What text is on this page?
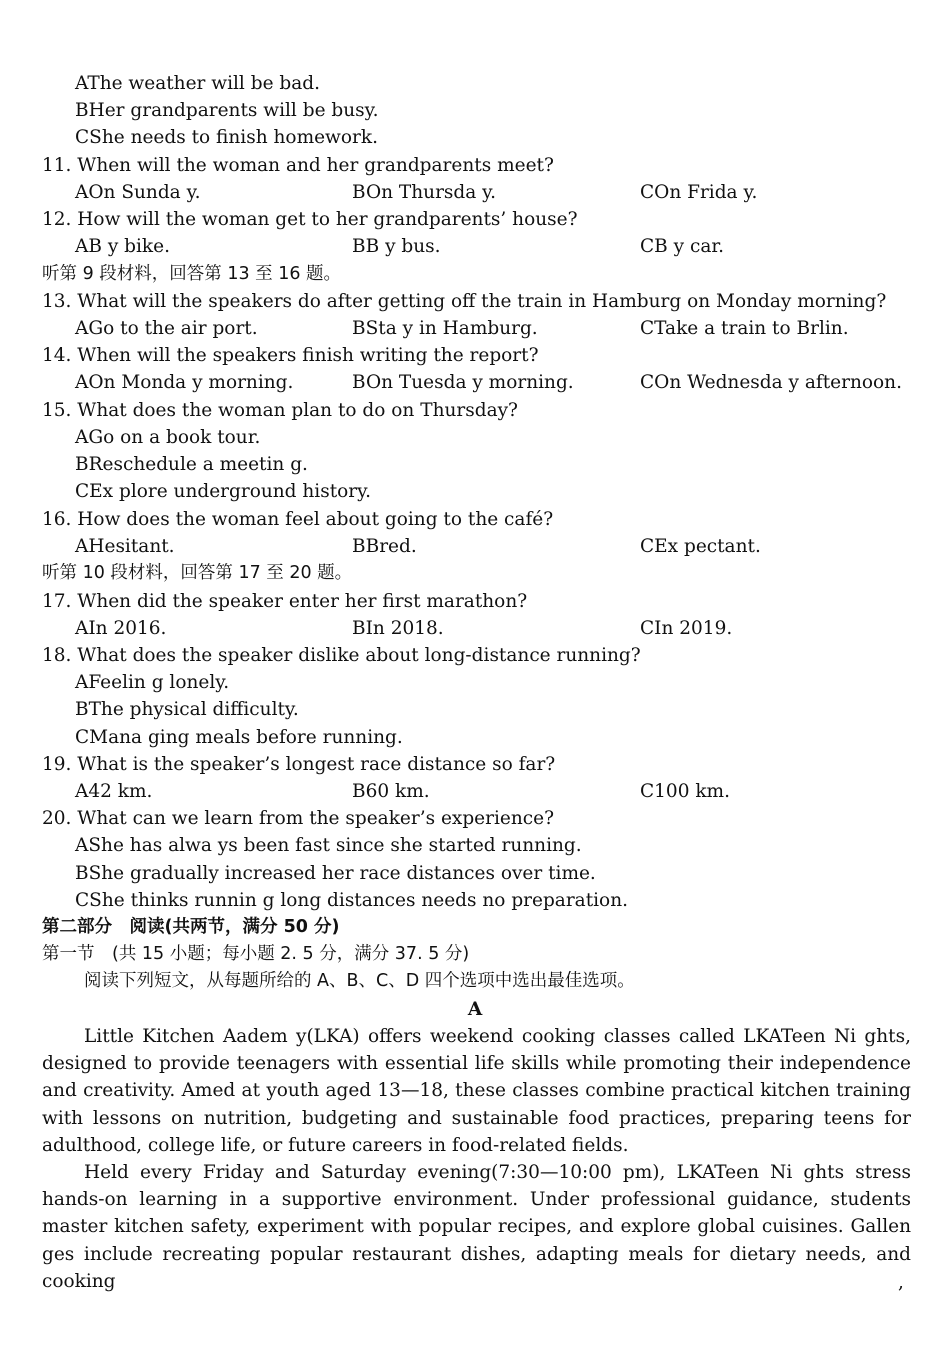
AThe weather will be bad.
BHer grandparents will be busy.
CShe needs to finish homework.
11. When will the woman and her grandparents meet?
AOn Sunda y.	BOn Thursda y.	COn Frida y.
12. How will the woman get to her grandparents’ house?
AB y bike.	BB y bus.	CB y car.
听第 9 段材料，回答第 13 至 16 题。
13. What will the speakers do after getting off the train in Hamburg on Monday morning?
AGo to the air port.	BSta y in Hamburg.	CTake a train to Brlin.
14. When will the speakers finish writing the report?
AOn Monda y morning.	BOn Tuesda y morning.	COn Wednesda y afternoon.
15. What does the woman plan to do on Thursday?
AGo on a book tour.
BReschedule a meetin g.
CEx plore underground history.
16. How does the woman feel about going to the café?
AHesitant.	BBred.	CEx pectant.
听第 10 段材料，回答第 17 至 20 题。
17. When did the speaker enter her first marathon?
AIn 2016.	BIn 2018.	CIn 2019.
18. What does the speaker dislike about long-distance running?
AFeelin g lonely.
BThe physical difficulty.
CMana ging meals before running.
19. What is the speaker’s longest race distance so far?
A42 km.	B60 km.	C100 km.
20. What can we learn from the speaker’s experience?
AShe has alwa ys been fast since she started running.
BShe gradually increased her race distances over time.
CShe thinks runnin g long distances needs no preparation.
第二部分　阅读(共两节，满分 50 分)
第一节　(共 15 小题；每小题 2. 5 分，满分 37. 5 分)
阅读下列短文，从每题所给的 A、B、C、D 四个选项中选出最佳选项。
A
Little Kitchen Aadem y(LKA) offers weekend cooking classes called LKATeen Ni ghts, designed to provide teenagers with essential life skills while promoting their independence and creativity. Amed at youth aged 13—18, these classes combine practical kitchen training with lessons on nutrition, budgeting and sustainable food practices, preparing teens for adulthood, college life, or future careers in food-related fields.
Held every Friday and Saturday evening(7:30—10:00 pm), LKATeen Ni ghts stress hands-on learning in a supportive environment. Under professional guidance, students master kitchen safety, experiment with popular recipes, and explore global cuisines. Gallen ges include recreating popular restaurant dishes, adapting meals for dietary needs, and cooking	,
